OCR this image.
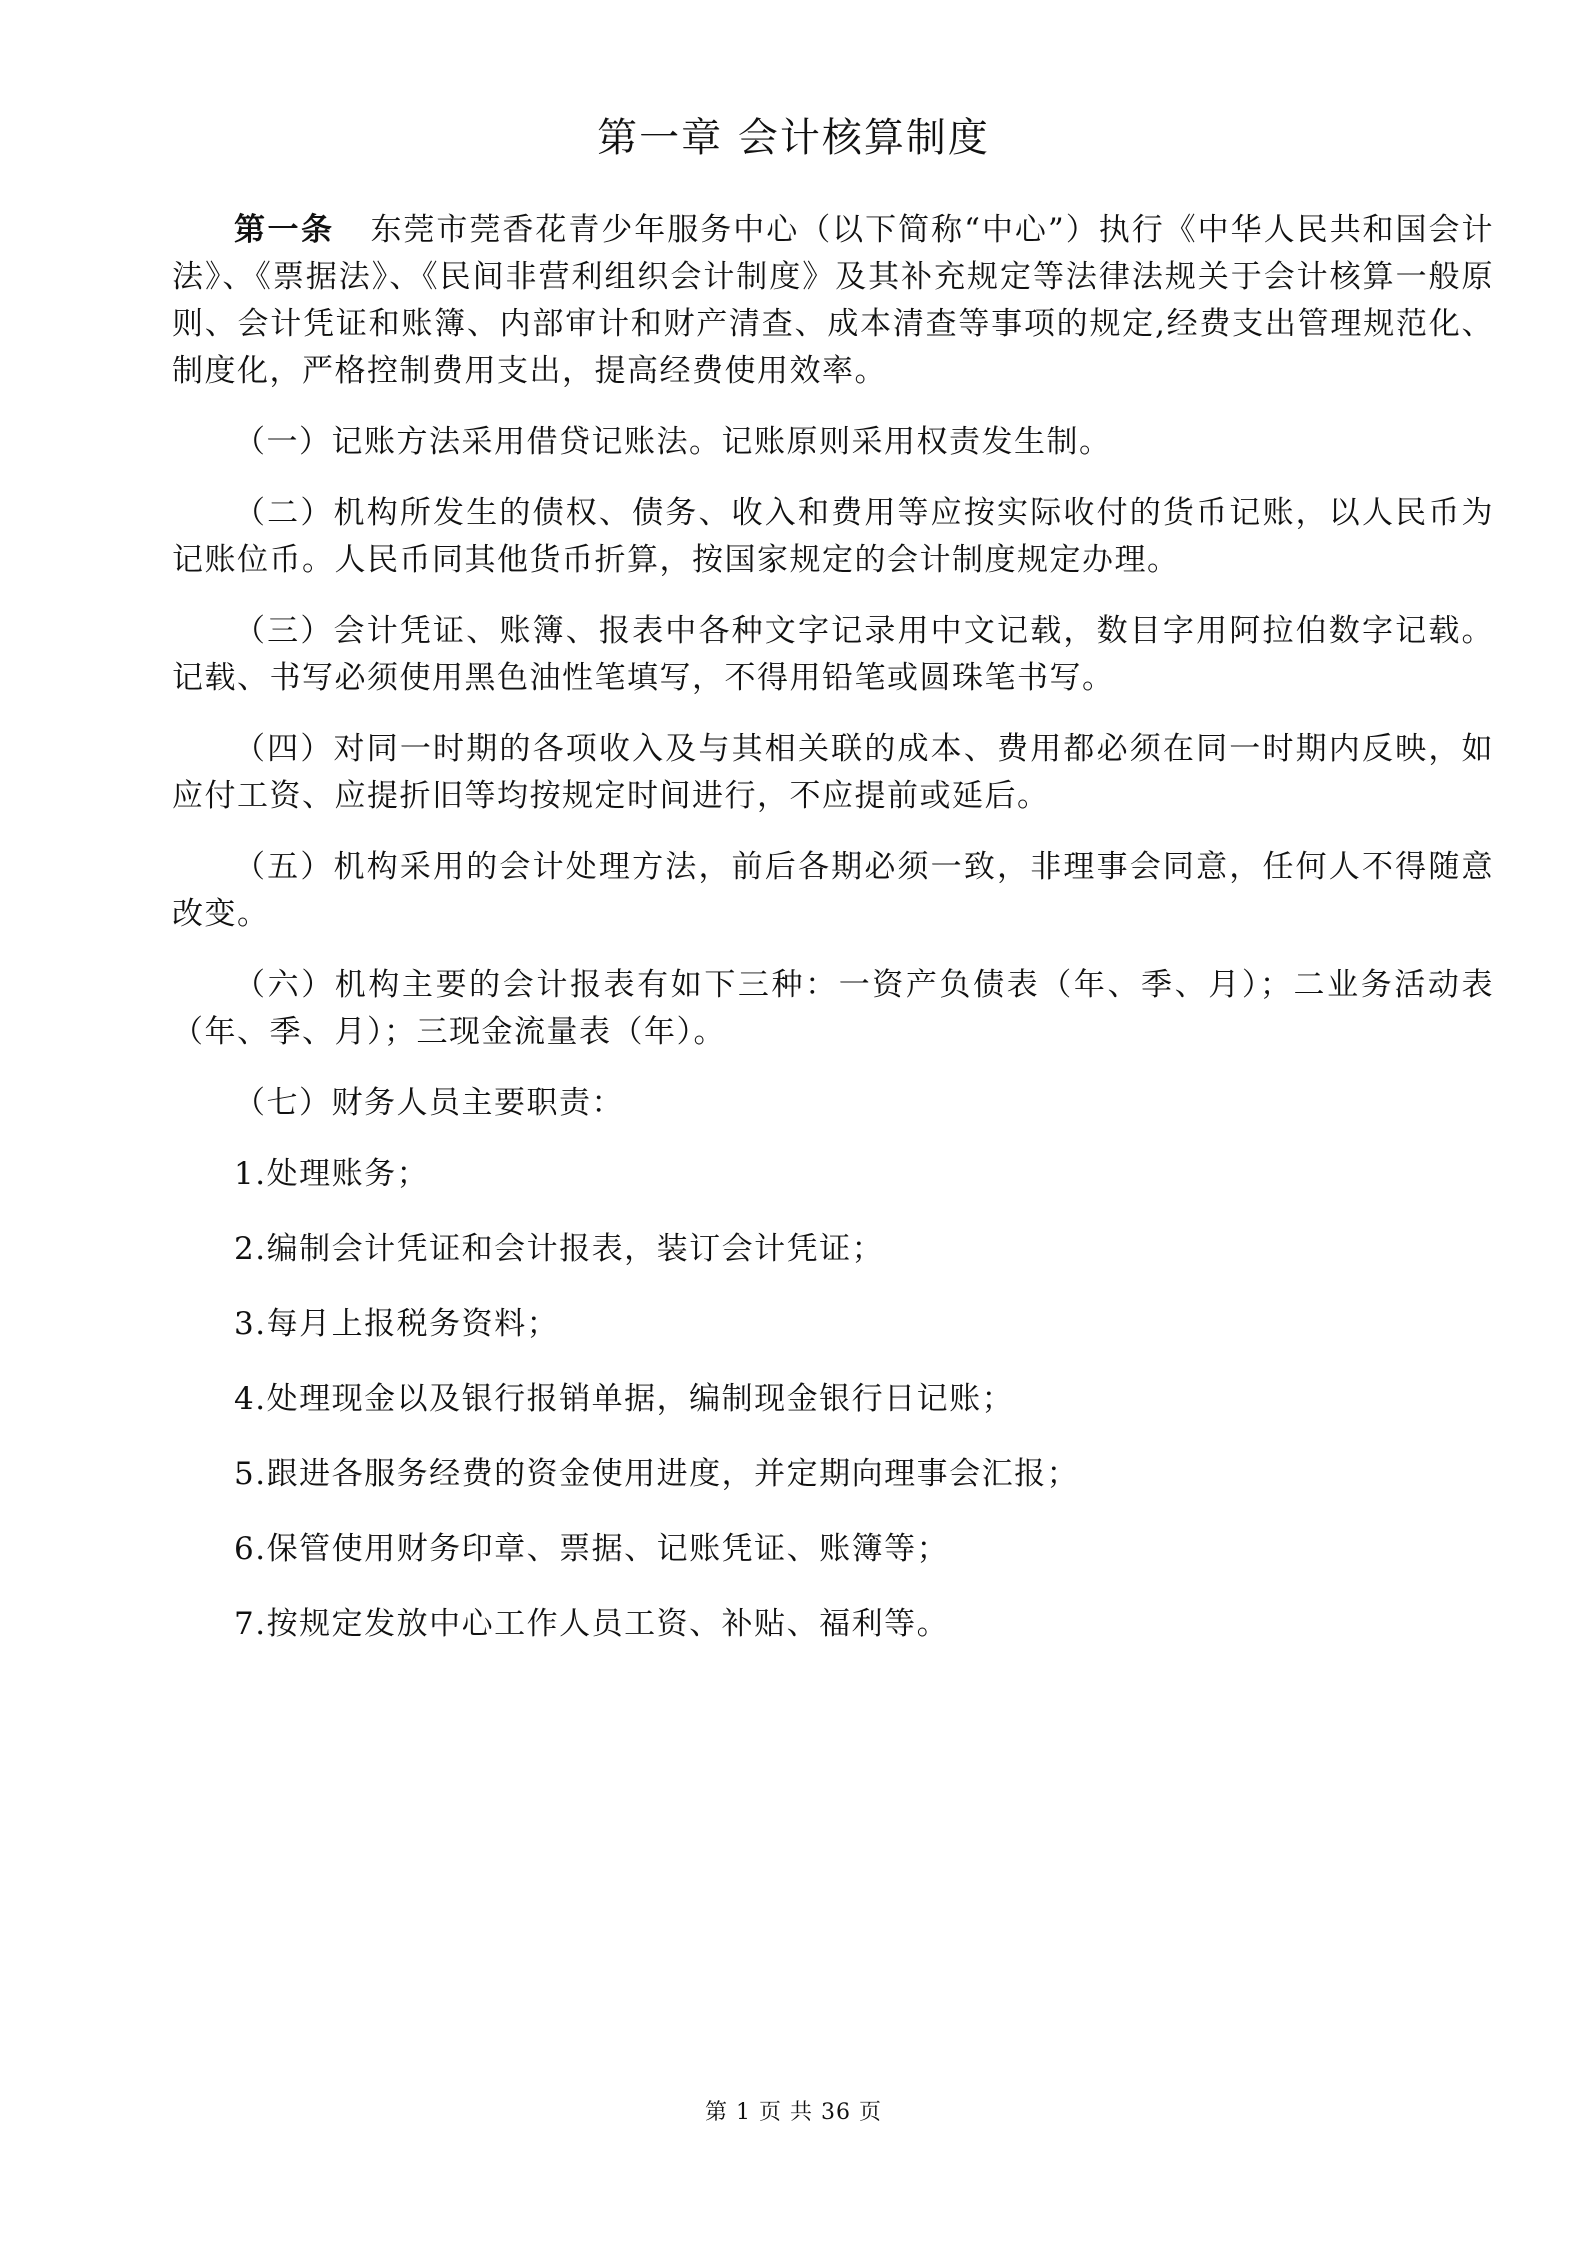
第一章 会计核算制度

第一条 东莞市莞香花青少年服务中心（以下简称“中心”）执行《中华人民共和国会计法》、《票据法》、《民间非营利组织会计制度》及其补充规定等法律法规关于会计核算一般原则、会计凭证和账簿、内部审计和财产清查、成本清查等事项的规定,经费支出管理规范化、制度化，严格控制费用支出，提高经费使用效率。

（一）记账方法采用借贷记账法。记账原则采用权责发生制。

（二）机构所发生的债权、债务、收入和费用等应按实际收付的货币记账，以人民币为记账位币。人民币同其他货币折算，按国家规定的会计制度规定办理。

（三）会计凭证、账簿、报表中各种文字记录用中文记载，数目字用阿拉伯数字记载。记载、书写必须使用黑色油性笔填写，不得用铅笔或圆珠笔书写。

（四）对同一时期的各项收入及与其相关联的成本、费用都必须在同一时期内反映，如应付工资、应提折旧等均按规定时间进行，不应提前或延后。

（五）机构采用的会计处理方法，前后各期必须一致，非理事会同意，任何人不得随意改变。

（六）机构主要的会计报表有如下三种：一资产负债表（年、季、月）；二业务活动表（年、季、月）；三现金流量表（年）。

（七）财务人员主要职责：

1.处理账务；

2.编制会计凭证和会计报表，装订会计凭证；

3.每月上报税务资料；

4.处理现金以及银行报销单据，编制现金银行日记账；

5.跟进各服务经费的资金使用进度，并定期向理事会汇报；

6.保管使用财务印章、票据、记账凭证、账簿等；

7.按规定发放中心工作人员工资、补贴、福利等。

第 1 页 共 36 页
